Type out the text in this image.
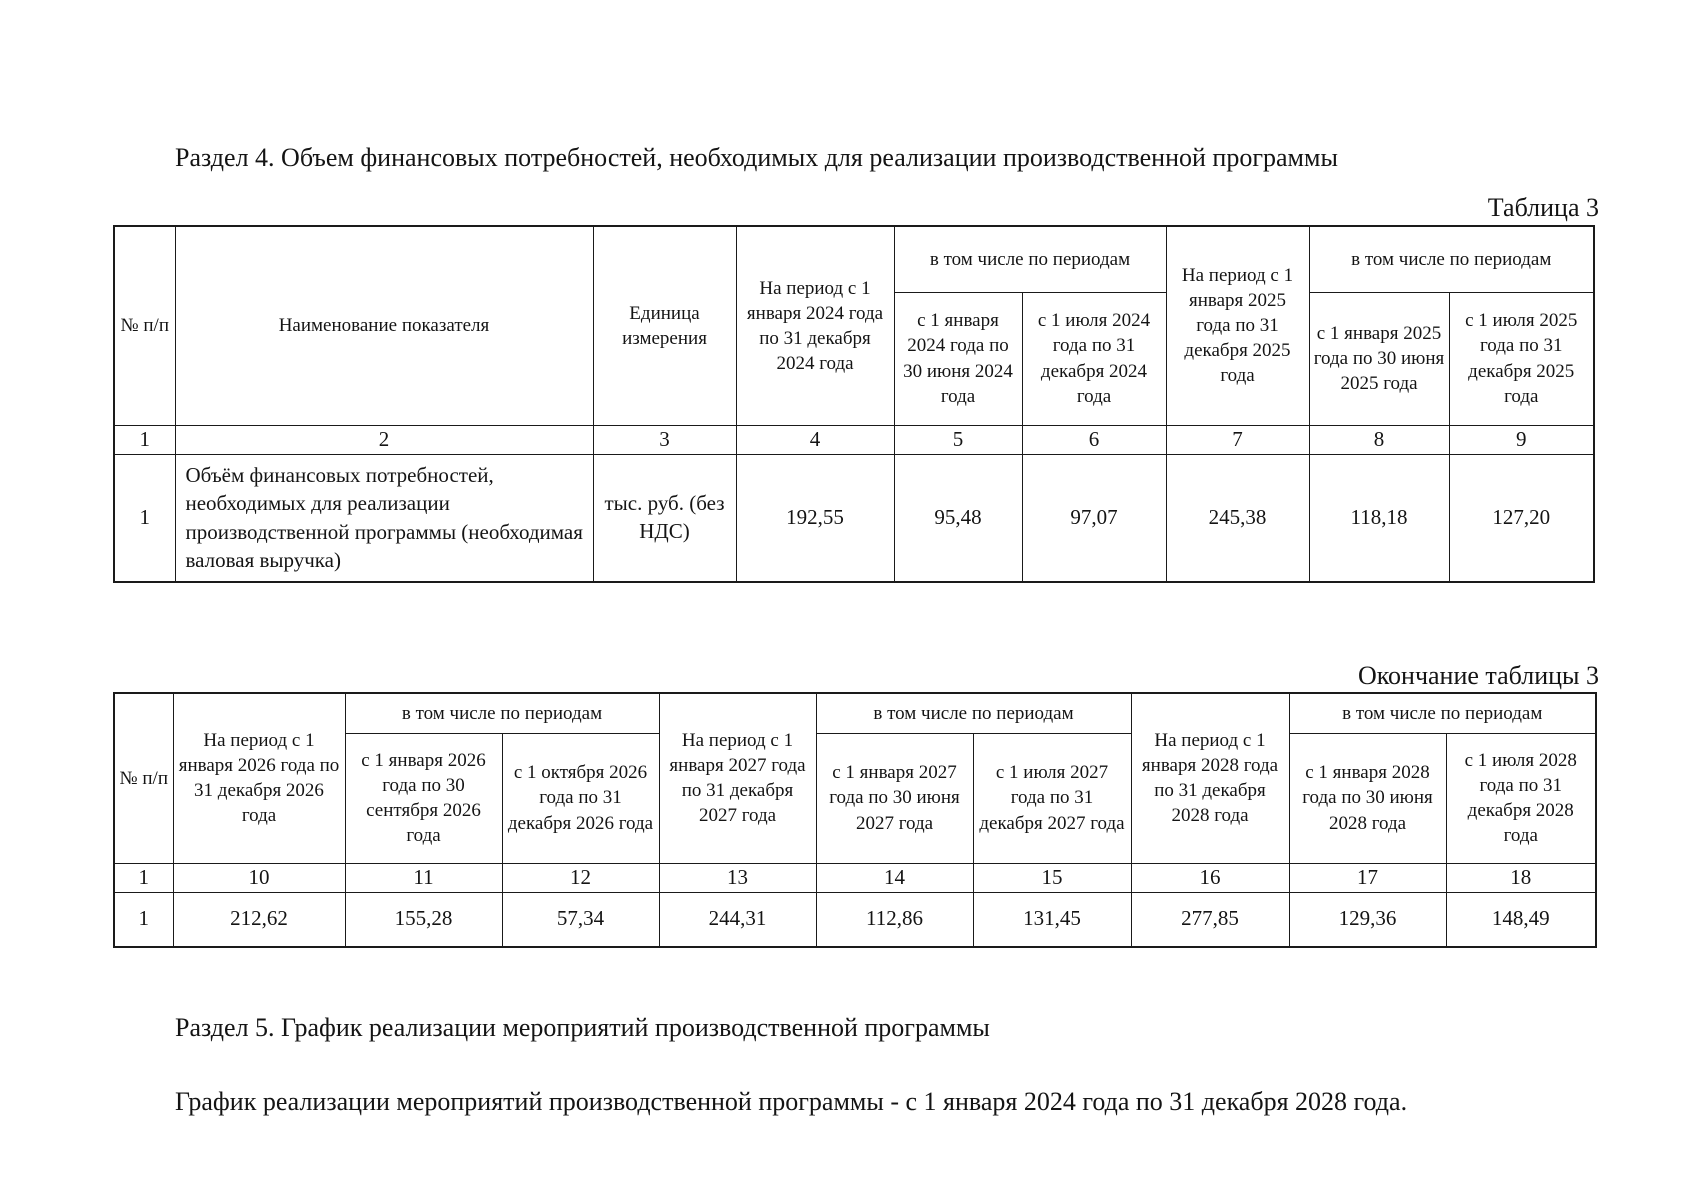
Раздел 4. Объем финансовых потребностей, необходимых для реализации производственной программы
Таблица 3
№ п/п	Наименование показателя	Единица измерения	На период с 1 января 2024 года по 31 декабря 2024 года	в том числе по периодам		На период с 1 января 2025 года по 31 декабря 2025 года	в том числе по периодам	
				с 1 января 2024 года по 30 июня 2024 года	с 1 июля 2024 года по 31 декабря 2024 года		с 1 января 2025 года по 30 июня 2025 года	с 1 июля 2025 года по 31 декабря 2025 года
1	2	3	4	5	6	7	8	9
1	Объём финансовых потребностей, необходимых для реализации производственной программы (необходимая валовая выручка)	тыс. руб. (без НДС)	192,55	95,48	97,07	245,38	118,18	127,20
Окончание таблицы 3
№ п/п	На период с 1 января 2026 года по 31 декабря 2026 года	в том числе по периодам		На период с 1 января 2027 года по 31 декабря 2027 года	в том числе по периодам		На период с 1 января 2028 года по 31 декабря 2028 года	в том числе по периодам	
		с 1 января 2026 года по 30 сентября 2026 года	с 1 октября 2026 года по 31 декабря 2026 года		с 1 января 2027 года по 30 июня 2027 года	с 1 июля 2027 года по 31 декабря 2027 года		с 1 января 2028 года по 30 июня 2028 года	с 1 июля 2028 года по 31 декабря 2028 года
1	10	11	12	13	14	15	16	17	18
1	212,62	155,28	57,34	244,31	112,86	131,45	277,85	129,36	148,49
Раздел 5. График реализации мероприятий производственной программы
График реализации мероприятий производственной программы - с 1 января 2024 года по 31 декабря 2028 года.
